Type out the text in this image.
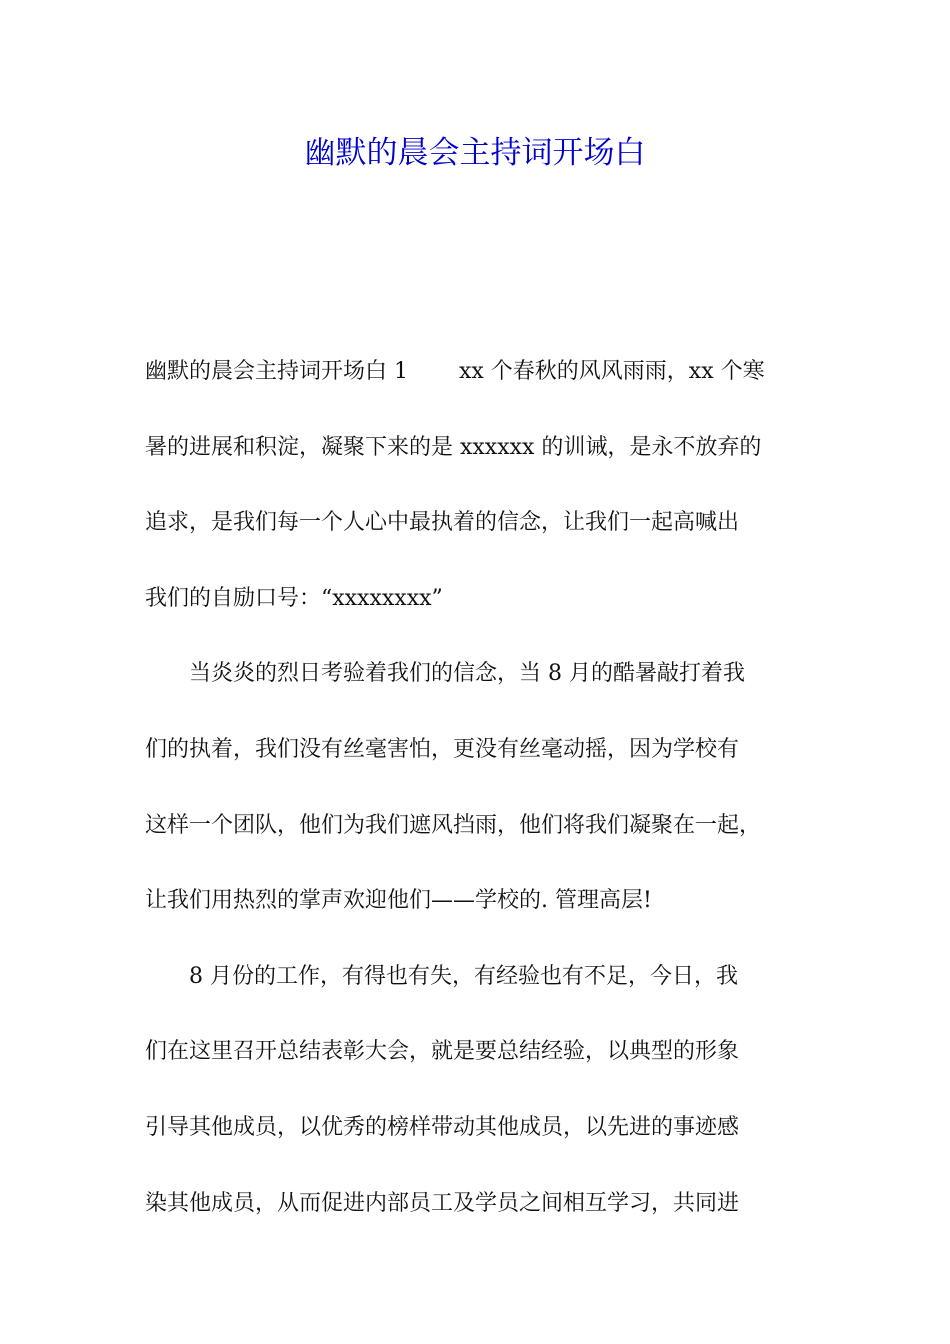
幽默的晨会主持词开场白

幽默的晨会主持词开场白 1　　 xx 个春秋的风风雨雨，xx 个寒
暑的进展和积淀，凝聚下来的是 xxxxxx 的训诫，是永不放弃的
追求，是我们每一个人心中最执着的信念，让我们一起高喊出
我们的自励口号：“xxxxxxxx”

当炎炎的烈日考验着我们的信念，当 8 月的酷暑敲打着我
们的执着，我们没有丝毫害怕，更没有丝毫动摇，因为学校有
这样一个团队，他们为我们遮风挡雨，他们将我们凝聚在一起，
让我们用热烈的掌声欢迎他们——学校的. 管理高层!

8 月份的工作，有得也有失，有经验也有不足，今日，我
们在这里召开总结表彰大会，就是要总结经验，以典型的形象
引导其他成员，以优秀的榜样带动其他成员，以先进的事迹感
染其他成员，从而促进内部员工及学员之间相互学习，共同进
